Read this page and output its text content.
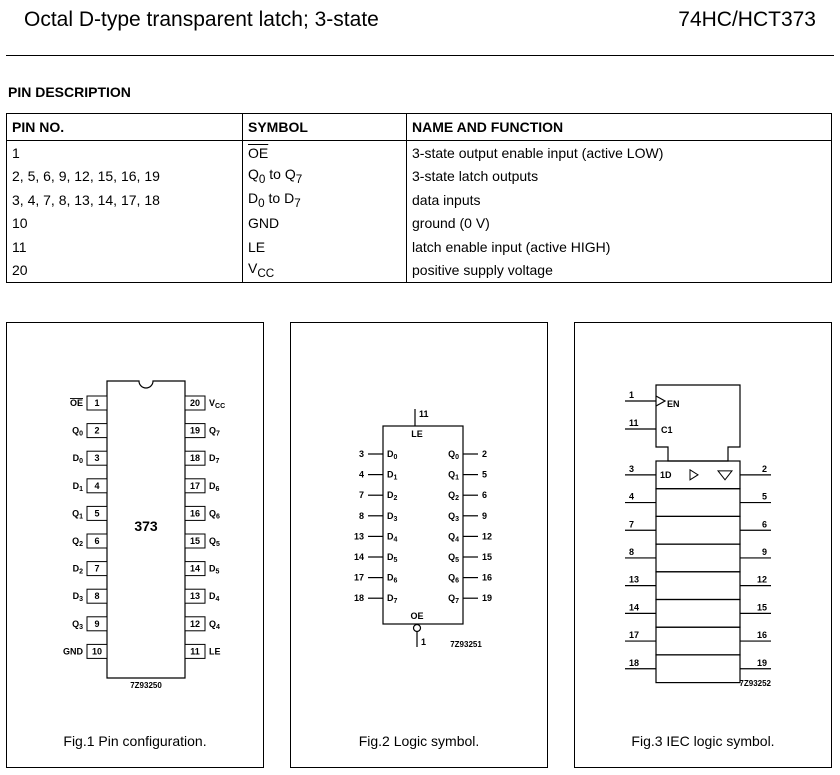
Octal D-type transparent latch; 3-state	74HC/HCT373
PIN DESCRIPTION
PIN NO.	SYMBOL	NAME AND FUNCTION
1	$\overline{OE}$	3-state output enable input (active LOW)
2, 5, 6, 9, 12, 15, 16, 19	$Q_0$ to $Q_7$	3-state latch outputs
3, 4, 7, 8, 13, 14, 17, 18	$D_0$ to $D_7$	data inputs
10	GND	ground (0 V)
11	LE	latch enable input (active HIGH)
20	$V_{CC}$	positive supply voltage
373
7Z93250
1
OE
2
$Q_0$
3
$D_0$
4
$D_1$
5
$Q_1$
6
$Q_2$
7
$D_2$
8
$D_3$
9
$Q_3$
10
GND
20 $V_{CC}$
19 $Q_7$
18 $D_7$
17 $D_6$
16 $Q_6$
15 $Q_5$
14 $D_5$
13 $D_4$
12 $Q_4$
11 LE
Fig.1 Pin configuration.
11
LE
OE
1	7Z93251
3	$D_0$	$Q_0$	2
4	$D_1$	$Q_1$	5
7	$D_2$	$Q_2$	6
8	$D_3$	$Q_3$	9
13	$D_4$	$Q_4$	12
14	$D_5$	$Q_5$	15
17	$D_6$	$Q_6$	16
18	$D_7$	$Q_7$	19
Fig.2 Logic symbol.
1
EN
11
C1
3	2
1D
4	5
7	6
8	9
13	12
14	15
17	16
18	19
7Z93252
Fig.3 IEC logic symbol.
